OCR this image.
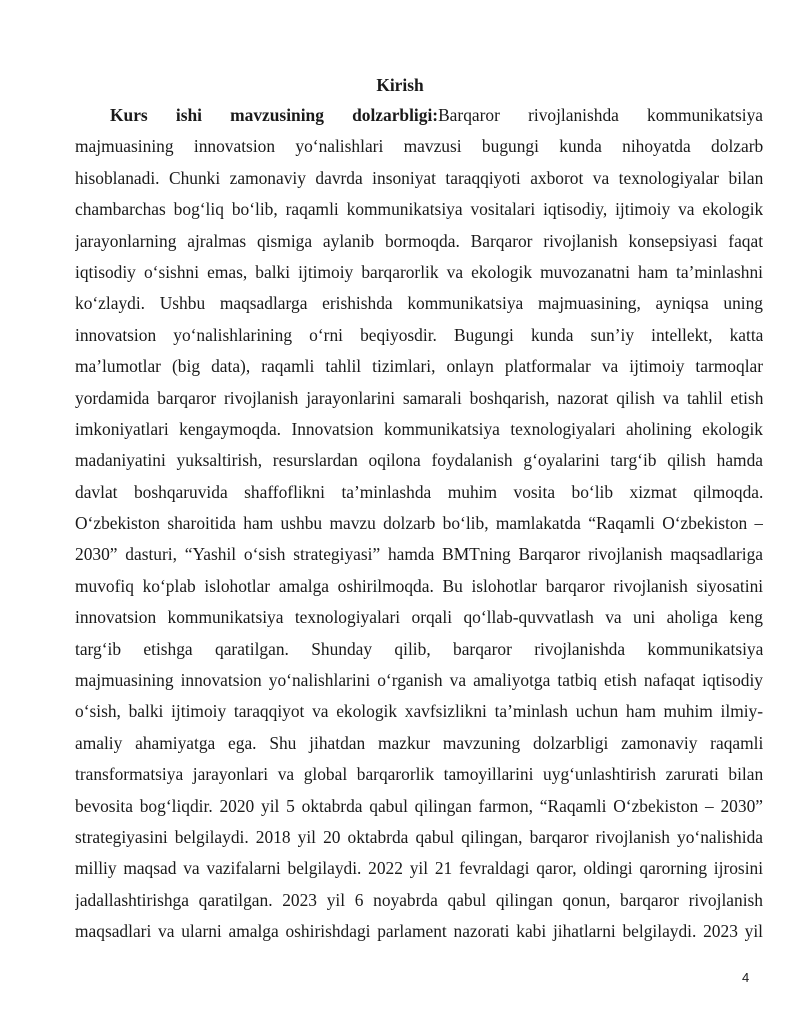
Kirish
Kurs ishi mavzusining dolzarbligi:Barqaror rivojlanishda kommunikatsiya
majmuasining innovatsion yo‘nalishlari mavzusi bugungi kunda nihoyatda dolzarb
hisoblanadi. Chunki zamonaviy davrda insoniyat taraqqiyoti axborot va texnologiyalar bilan
chambarchas bog‘liq bo‘lib, raqamli kommunikatsiya vositalari iqtisodiy, ijtimoiy va ekologik
jarayonlarning ajralmas qismiga aylanib bormoqda. Barqaror rivojlanish konsepsiyasi faqat
iqtisodiy o‘sishni emas, balki ijtimoiy barqarorlik va ekologik muvozanatni ham ta’minlashni
ko‘zlaydi. Ushbu maqsadlarga erishishda kommunikatsiya majmuasining, ayniqsa uning
innovatsion yo‘nalishlarining o‘rni beqiyosdir. Bugungi kunda sun’iy intellekt, katta
ma’lumotlar (big data), raqamli tahlil tizimlari, onlayn platformalar va ijtimoiy tarmoqlar
yordamida barqaror rivojlanish jarayonlarini samarali boshqarish, nazorat qilish va tahlil etish
imkoniyatlari kengaymoqda. Innovatsion kommunikatsiya texnologiyalari aholining ekologik
madaniyatini yuksaltirish, resurslardan oqilona foydalanish g‘oyalarini targ‘ib qilish hamda
davlat boshqaruvida shaffoflikni ta’minlashda muhim vosita bo‘lib xizmat qilmoqda.
O‘zbekiston sharoitida ham ushbu mavzu dolzarb bo‘lib, mamlakatda “Raqamli O‘zbekiston –
2030” dasturi, “Yashil o‘sish strategiyasi” hamda BMTning Barqaror rivojlanish maqsadlariga
muvofiq ko‘plab islohotlar amalga oshirilmoqda. Bu islohotlar barqaror rivojlanish siyosatini
innovatsion kommunikatsiya texnologiyalari orqali qo‘llab-quvvatlash va uni aholiga keng
targ‘ib etishga qaratilgan. Shunday qilib, barqaror rivojlanishda kommunikatsiya
majmuasining innovatsion yo‘nalishlarini o‘rganish va amaliyotga tatbiq etish nafaqat iqtisodiy
o‘sish, balki ijtimoiy taraqqiyot va ekologik xavfsizlikni ta’minlash uchun ham muhim ilmiy-
amaliy ahamiyatga ega. Shu jihatdan mazkur mavzuning dolzarbligi zamonaviy raqamli
transformatsiya jarayonlari va global barqarorlik tamoyillarini uyg‘unlashtirish zarurati bilan
bevosita bog‘liqdir. 2020 yil 5 oktabrda qabul qilingan farmon, “Raqamli O‘zbekiston – 2030”
strategiyasini belgilaydi. 2018 yil 20 oktabrda qabul qilingan, barqaror rivojlanish yo‘nalishida
milliy maqsad va vazifalarni belgilaydi. 2022 yil 21 fevraldagi qaror, oldingi qarorning ijrosini
jadallashtirishga qaratilgan. 2023 yil 6 noyabrda qabul qilingan qonun, barqaror rivojlanish
maqsadlari va ularni amalga oshirishdagi parlament nazorati kabi jihatlarni belgilaydi. 2023 yil
4
